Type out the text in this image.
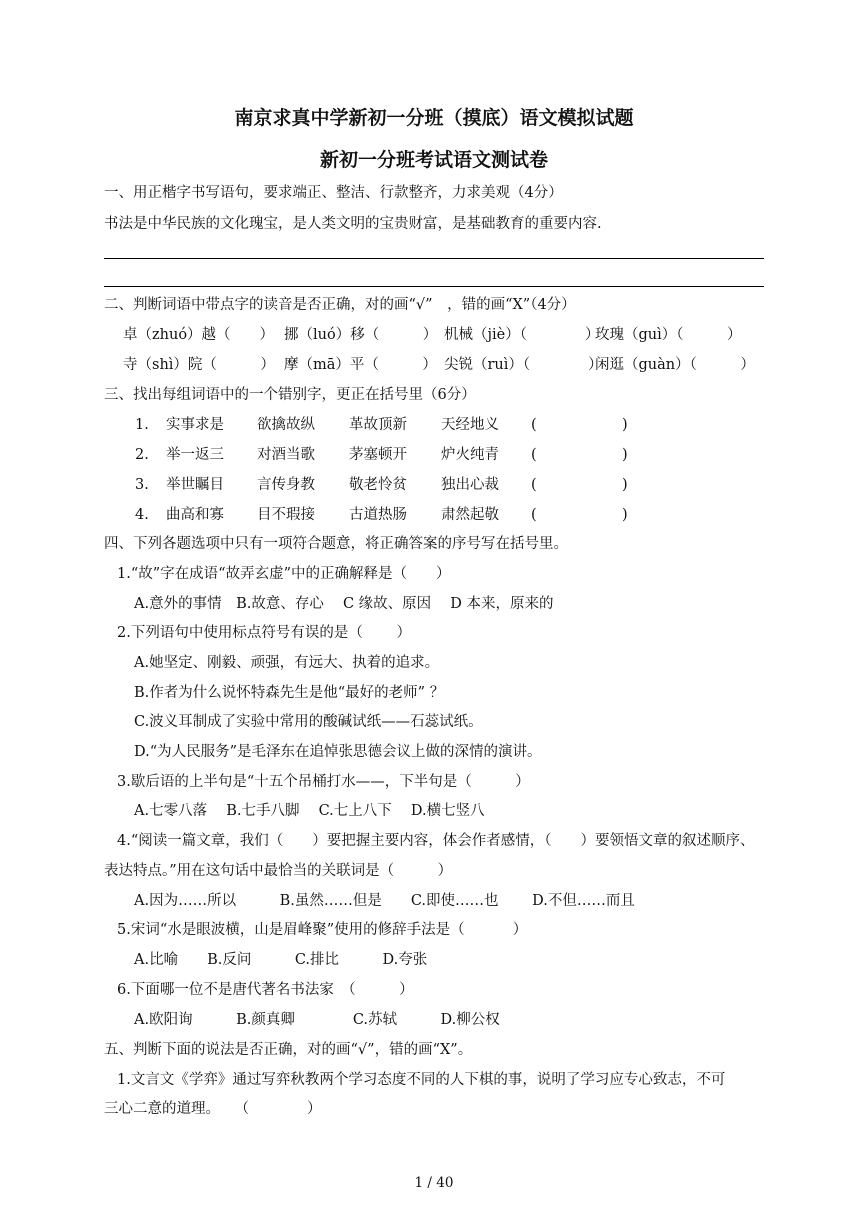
南京求真中学新初一分班（摸底）语文模拟试题
新初一分班考试语文测试卷
一、用正楷字书写语句，要求端正、整洁、行款整齐，力求美观（4分）
书法是中华民族的文化瑰宝，是人类文明的宝贵财富，是基础教育的重要内容.
二、判断词语中带点字的读音是否正确，对的画“√”　，错的画“X”（4分）
卓（zhuó）越（　　） 挪（luó）移（　　　） 机械（jiè）（　　　　）
玫瑰（guì）（　　　）
寺（shì）院（　　　） 摩（mā）平（　　　） 尖锐（ruì）（　　　　）
闲逛（guàn）（　　　）
三、找出每组词语中的一个错别字，更正在括号里（6分）
1. 实事求是 欲擒故纵 革故顶新 天经地义 (	)
2. 举一返三 对酒当歌 茅塞顿开 炉火纯青 (	)
3. 举世瞩目 言传身教 敬老怜贫 独出心裁 (	)
4. 曲高和寡 目不瑕接 古道热肠 肃然起敬 (	)
四、下列各题选项中只有一项符合题意，将正确答案的序号写在括号里。
1.“故”字在成语“故弄玄虚”中的正确解释是（　　）
A.意外的事情　B.故意、存心　 C 缘故、原因　 D 本来，原来的
2.下列语句中使用标点符号有误的是（　　 ）
A.她坚定、刚毅、顽强，有远大、执着的追求。
B.作者为什么说怀特森先生是他“最好的老师” ？
C.波义耳制成了实验中常用的酸碱试纸——石蕊试纸。
D.“为人民服务”是毛泽东在追悼张思德会议上做的深情的演讲。
3.歇后语的上半句是“十五个吊桶打水——，下半句是（　　　）
A.七零八落　 B.七手八脚　 C.七上八下　 D.横七竖八
4.“阅读一篇文章，我们（　　）要把握主要内容，体会作者感情，（　　）要领悟文章的叙述顺序、
表达特点。”用在这句话中最恰当的关联词是（　　　）
A.因为……所以　　　B.虽然……但是　　C.即使……也　　 D.不但……而且
5.宋词“水是眼波横，山是眉峰聚”使用的修辞手法是（　　　 ）
A.比喻　　B.反问　　　C.排比　　　D.夸张
6.下面哪一位不是唐代著名书法家　（　　　）
A.欧阳询　　　B.颜真卿　　　　C.苏轼　　　D.柳公权
五、判断下面的说法是否正确，对的画“√”，错的画“X”。
1.文言文《学弈》通过写弈秋教两个学习态度不同的人下棋的事，说明了学习应专心致志，不可
三心二意的道理。　　（　　　　）
1 / 40
